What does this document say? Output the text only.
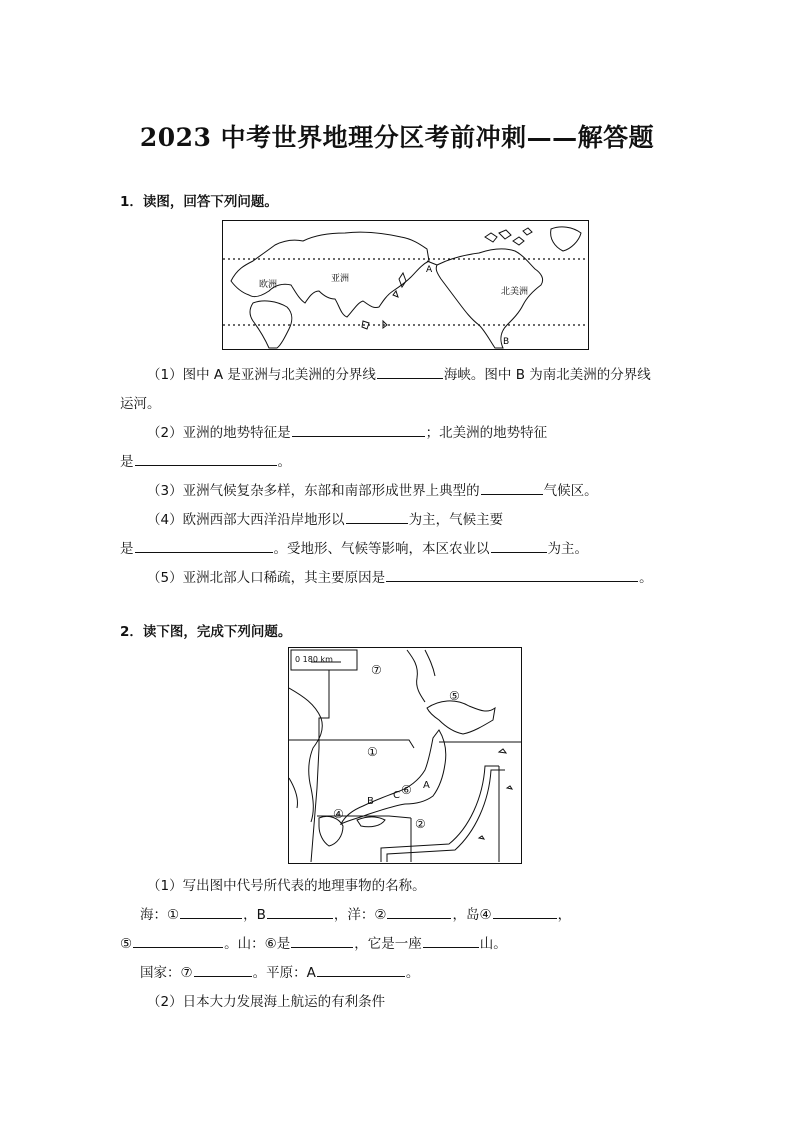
2023 中考世界地理分区考前冲刺——解答题
1．读图，回答下列问题。
欧洲
亚洲
北美洲
A
B
（1）图中 A 是亚洲与北美洲的分界线	海峡。图中 B 为南北美洲的分界线
运河。
（2）亚洲的地势特征是	；北美洲的地势特征
是	。
（3）亚洲气候复杂多样，东部和南部形成世界上典型的	气候区。
（4）欧洲西部大西洋沿岸地形以	为主，气候主要
是	。受地形、气候等影响，本区农业以	为主。
（5）亚洲北部人口稀疏，其主要原因是	。
2．读下图，完成下列问题。
0 180 km
⑦
⑤
①
⑥ A
B
C
④
②
（1）写出图中代号所代表的地理事物的名称。
海：①	，B	，洋：②	，岛④	，
⑤	。山：⑥是	，它是一座	山。
国家：⑦	。平原：A	。
（2）日本大力发展海上航运的有利条件
